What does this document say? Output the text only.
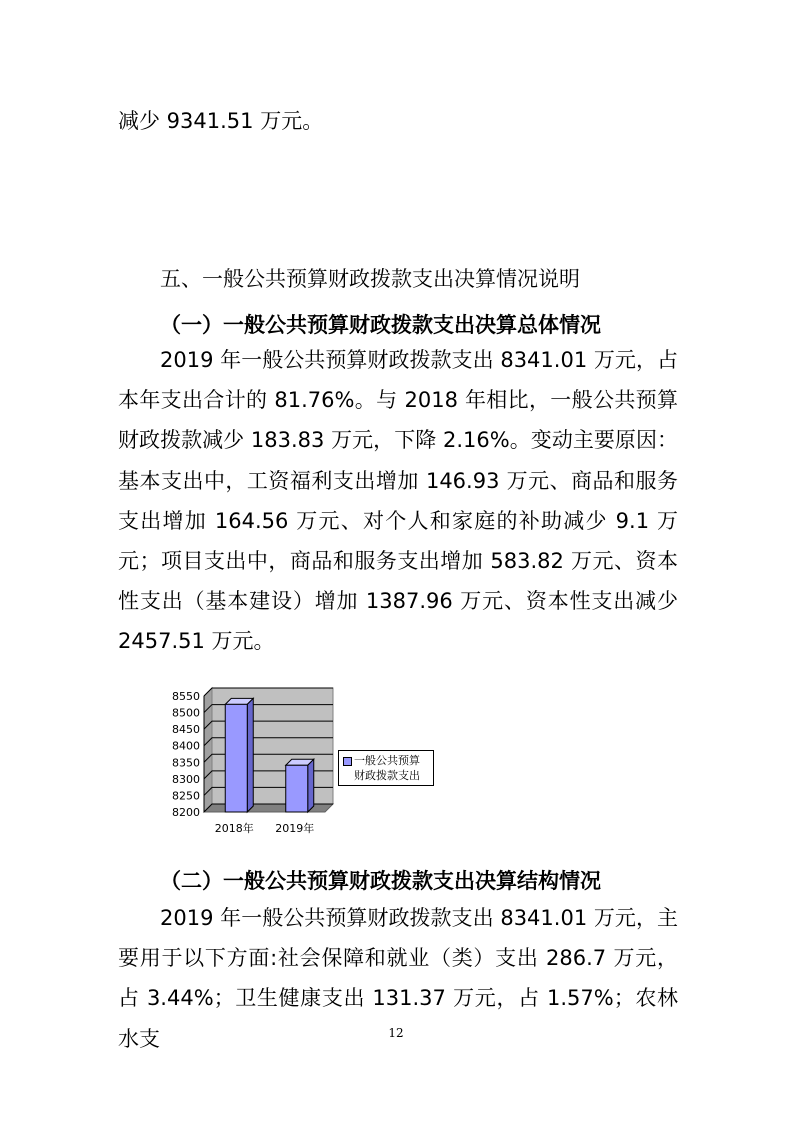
减少 9341.51 万元。
五、一般公共预算财政拨款支出决算情况说明
（一）一般公共预算财政拨款支出决算总体情况
2019 年一般公共预算财政拨款支出 8341.01 万元，占本年支出合计的 81.76%。与 2018 年相比，一般公共预算财政拨款减少 183.83 万元，下降 2.16%。变动主要原因：基本支出中，工资福利支出增加 146.93 万元、商品和服务支出增加 164.56 万元、对个人和家庭的补助减少 9.1 万元；项目支出中，商品和服务支出增加 583.82 万元、资本性支出（基本建设）增加 1387.96 万元、资本性支出减少 2457.51 万元。
8200
8250
8300
8350
8400
8450
8500
8550
2018年 2019年
一般公共预算财政拨款支出
（二）一般公共预算财政拨款支出决算结构情况
2019 年一般公共预算财政拨款支出 8341.01 万元，主要用于以下方面:社会保障和就业（类）支出 286.7 万元，占 3.44%；卫生健康支出 131.37 万元，占 1.57%；农林水支	12
